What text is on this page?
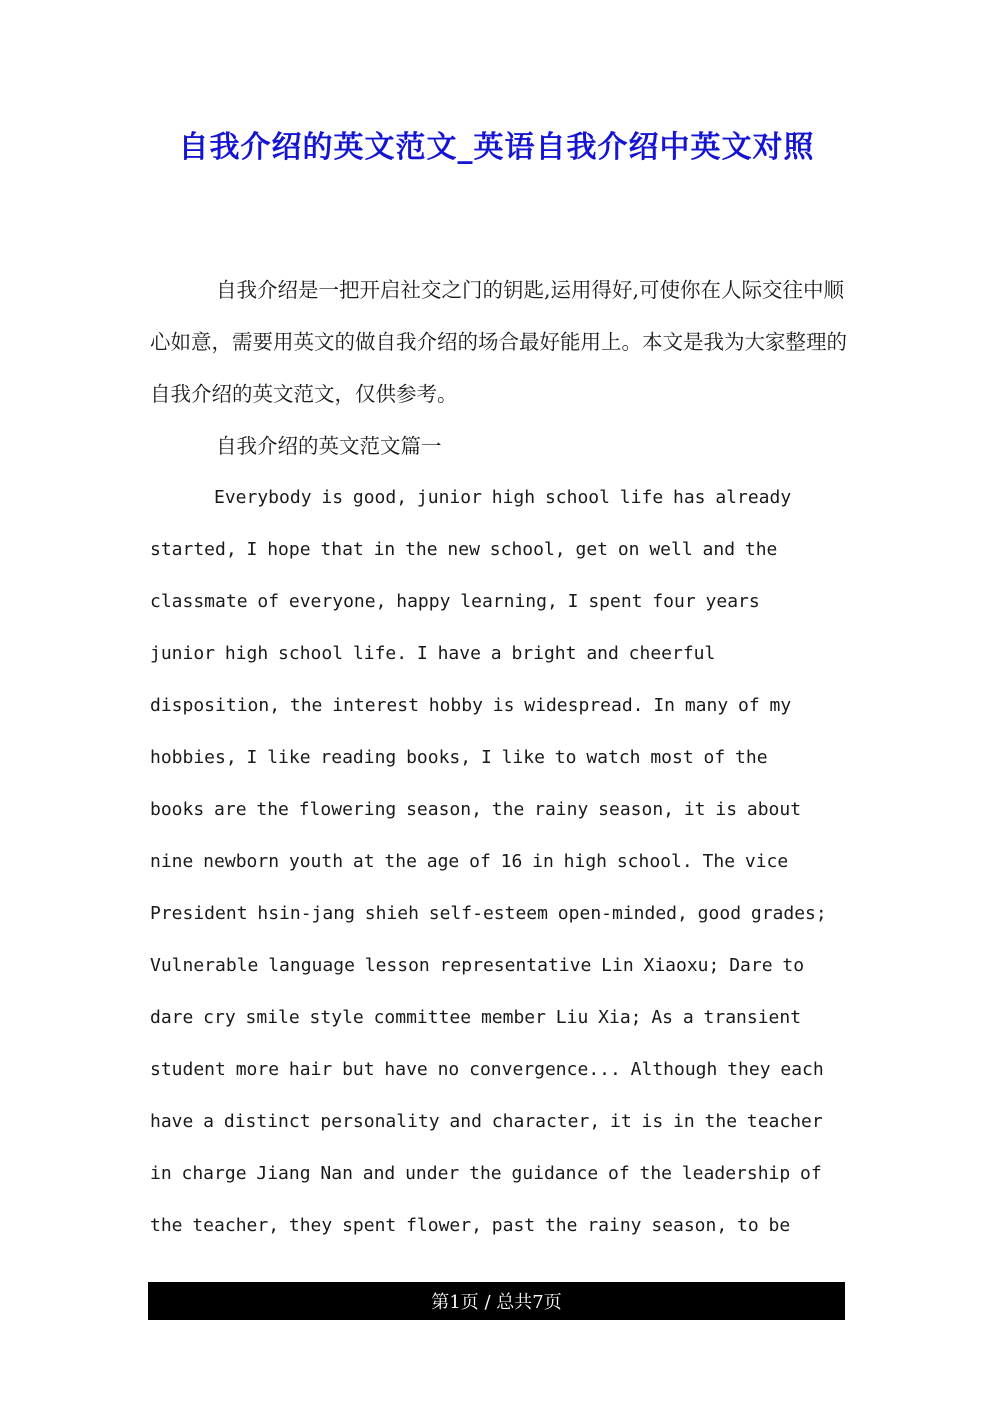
自我介绍的英文范文_英语自我介绍中英文对照

自我介绍是一把开启社交之门的钥匙,运用得好,可使你在人际交往中顺心如意，需要用英文的做自我介绍的场合最好能用上。本文是我为大家整理的自我介绍的英文范文，仅供参考。

自我介绍的英文范文篇一

Everybody is good, junior high school life has already
started, I hope that in the new school, get on well and the
classmate of everyone, happy learning, I spent four years
junior high school life. I have a bright and cheerful
disposition, the interest hobby is widespread. In many of my
hobbies, I like reading books, I like to watch most of the
books are the flowering season, the rainy season, it is about
nine newborn youth at the age of 16 in high school. The vice
President hsin-jang shieh self-esteem open-minded, good grades;
Vulnerable language lesson representative Lin Xiaoxu; Dare to
dare cry smile style committee member Liu Xia; As a transient
student more hair but have no convergence... Although they each
have a distinct personality and character, it is in the teacher
in charge Jiang Nan and under the guidance of the leadership of
the teacher, they spent flower, past the rainy season, to be
第1页 / 总共7页
